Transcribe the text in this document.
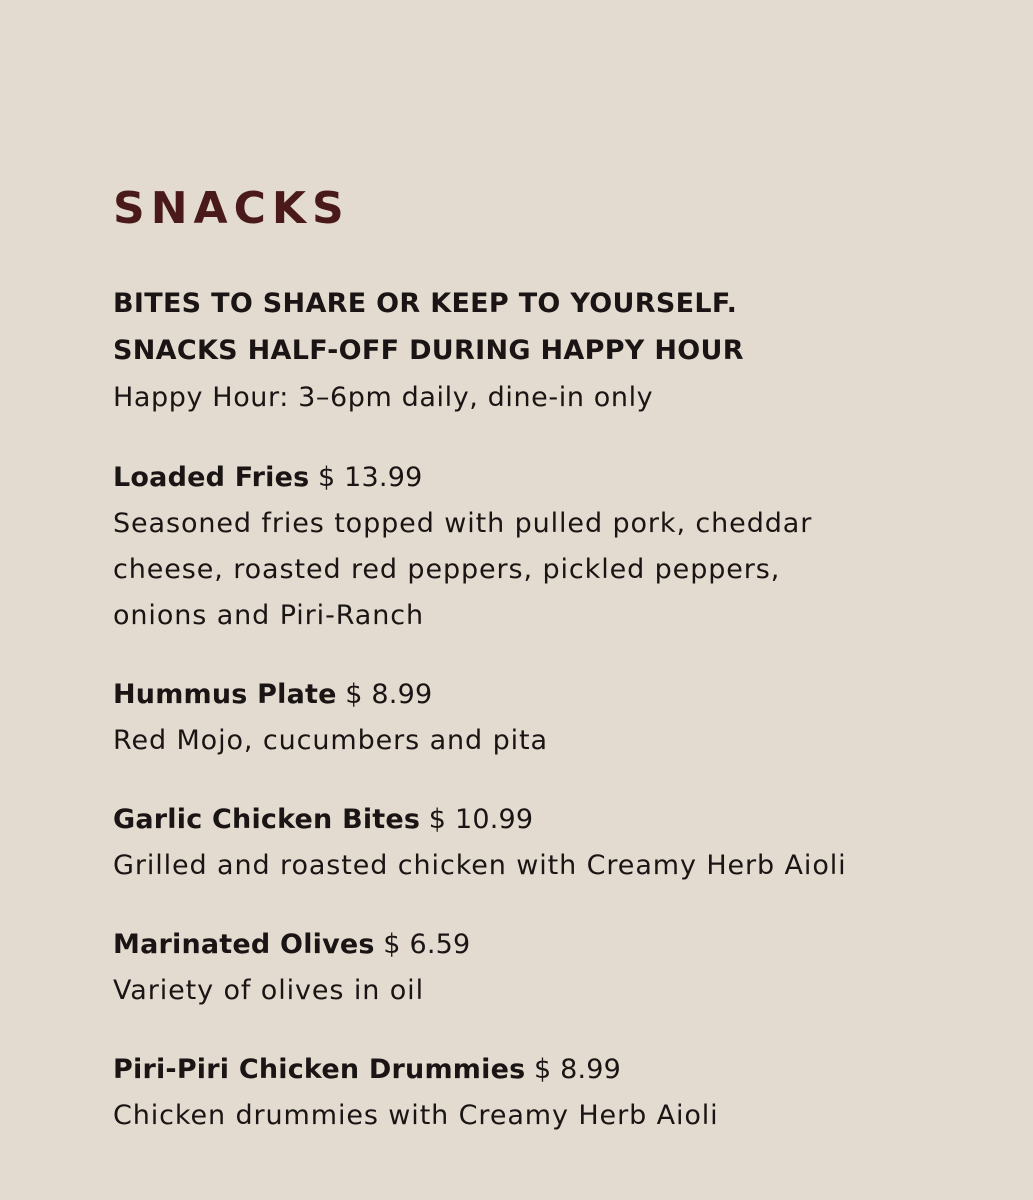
SNACKS
BITES TO SHARE OR KEEP TO YOURSELF.
SNACKS HALF-OFF DURING HAPPY HOUR
Happy Hour: 3–6pm daily, dine-in only
Loaded Fries $ 13.99
Seasoned fries topped with pulled pork, cheddar
cheese, roasted red peppers, pickled peppers,
onions and Piri-Ranch
Hummus Plate $ 8.99
Red Mojo, cucumbers and pita
Garlic Chicken Bites $ 10.99
Grilled and roasted chicken with Creamy Herb Aioli
Marinated Olives $ 6.59
Variety of olives in oil
Piri-Piri Chicken Drummies $ 8.99
Chicken drummies with Creamy Herb Aioli
